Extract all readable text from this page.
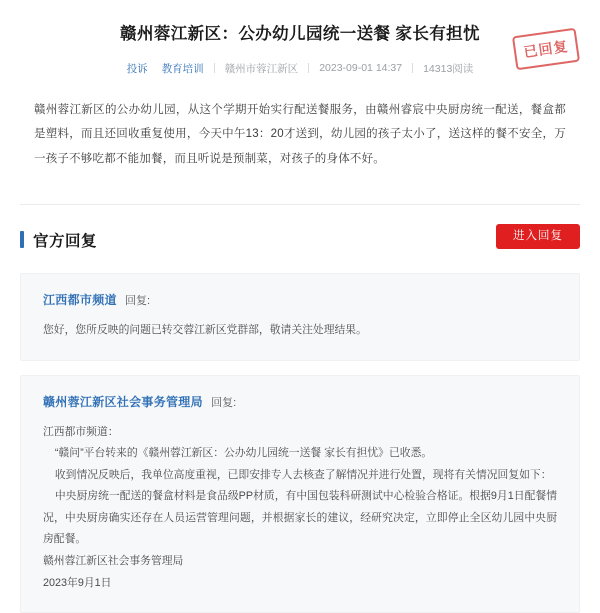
赣州蓉江新区：公办幼儿园统一送餐 家长有担忧
投诉 教育培训 赣州市蓉江新区 2023-09-01 14:37 14313阅读
已回复
赣州蓉江新区的公办幼儿园，从这个学期开始实行配送餐服务，由赣州睿宸中央厨房统一配送，餐盒都是塑料，而且还回收重复使用，今天中午13：20才送到，幼儿园的孩子太小了，送这样的餐不安全，万一孩子不够吃都不能加餐，而且听说是预制菜，对孩子的身体不好。
官方回复	进入回复
江西都市频道 回复:

您好，您所反映的问题已转交蓉江新区党群部，敬请关注处理结果。

赣州蓉江新区社会事务管理局 回复:

江西都市频道：

“赣问”平台转来的《赣州蓉江新区：公办幼儿园统一送餐 家长有担忧》已收悉。

收到情况反映后，我单位高度重视，已即安排专人去核查了解情况并进行处置，现将有关情况回复如下：

中央厨房统一配送的餐盒材料是食品级PP材质，有中国包装科研测试中心检验合格证。根据9月1日配餐情况，中央厨房确实还存在人员运营管理问题，并根据家长的建议，经研究决定，立即停止全区幼儿园中央厨房配餐。

赣州蓉江新区社会事务管理局

2023年9月1日
